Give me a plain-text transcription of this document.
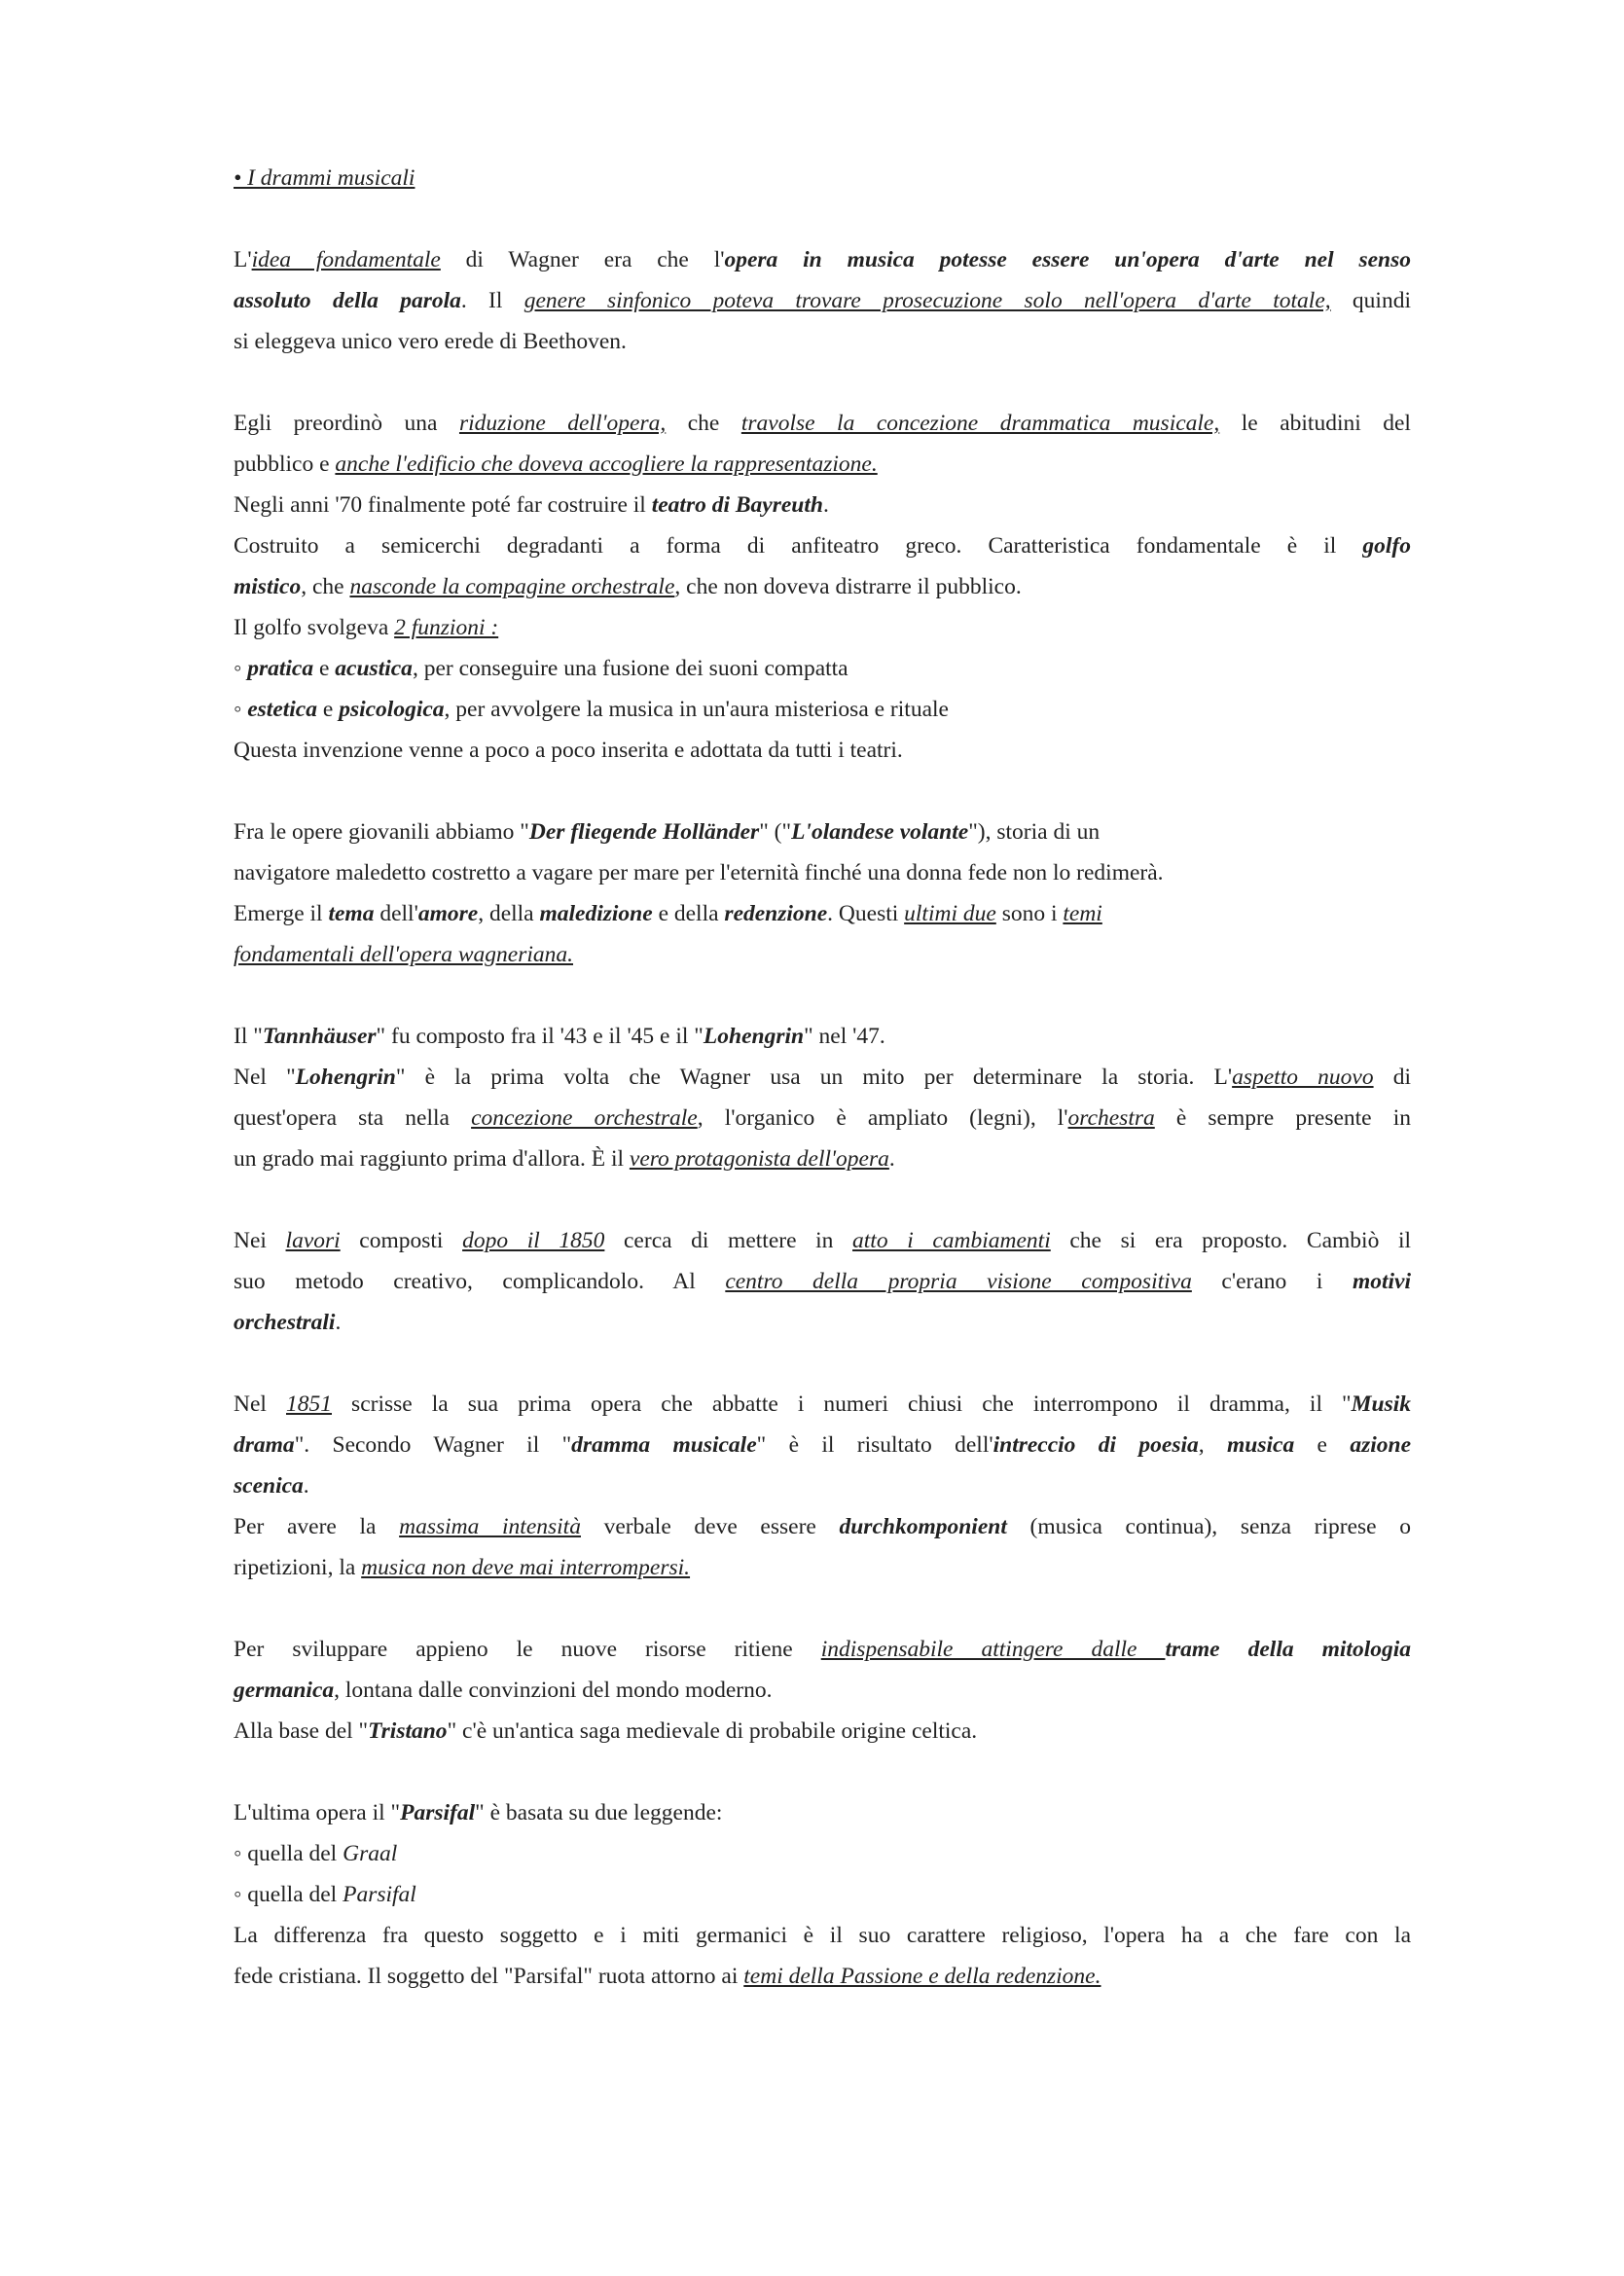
• I drammi musicali
L'idea fondamentale di Wagner era che l'opera in musica potesse essere un'opera d'arte nel senso
assoluto della parola. Il genere sinfonico poteva trovare prosecuzione solo nell'opera d'arte totale, quindi
si eleggeva unico vero erede di Beethoven.
Egli preordinò una riduzione dell'opera, che travolse la concezione drammatica musicale, le abitudini del
pubblico e anche l'edificio che doveva accogliere la rappresentazione.
Negli anni '70 finalmente poté far costruire il teatro di Bayreuth.
Costruito a semicerchi degradanti a forma di anfiteatro greco. Caratteristica fondamentale è il golfo
mistico, che nasconde la compagine orchestrale, che non doveva distrarre il pubblico.
Il golfo svolgeva 2 funzioni :
◦ pratica e acustica, per conseguire una fusione dei suoni compatta
◦ estetica e psicologica, per avvolgere la musica in un'aura misteriosa e rituale
Questa invenzione venne a poco a poco inserita e adottata da tutti i teatri.
Fra le opere giovanili abbiamo "Der fliegende Holländer" ("L'olandese volante"), storia di un
navigatore maledetto costretto a vagare per mare per l'eternità finché una donna fede non lo redimerà.
Emerge il tema dell'amore, della maledizione e della redenzione. Questi ultimi due sono i temi
fondamentali dell'opera wagneriana.
Il "Tannhäuser" fu composto fra il '43 e il '45 e il "Lohengrin" nel '47.
Nel "Lohengrin" è la prima volta che Wagner usa un mito per determinare la storia. L'aspetto nuovo di
quest'opera sta nella concezione orchestrale, l'organico è ampliato (legni), l'orchestra è sempre presente in
un grado mai raggiunto prima d'allora. È il vero protagonista dell'opera.
Nei lavori composti dopo il 1850 cerca di mettere in atto i cambiamenti che si era proposto. Cambiò il
suo metodo creativo, complicandolo. Al centro della propria visione compositiva c'erano i motivi
orchestrali.
Nel 1851 scrisse la sua prima opera che abbatte i numeri chiusi che interrompono il dramma, il "Musik
drama". Secondo Wagner il "dramma musicale" è il risultato dell'intreccio di poesia, musica e azione
scenica.
Per avere la massima intensità verbale deve essere durchkomponient (musica continua), senza riprese o
ripetizioni, la musica non deve mai interrompersi.
Per sviluppare appieno le nuove risorse ritiene indispensabile attingere dalle trame della mitologia
germanica, lontana dalle convinzioni del mondo moderno.
Alla base del "Tristano" c'è un'antica saga medievale di probabile origine celtica.
L'ultima opera il "Parsifal" è basata su due leggende:
◦ quella del Graal
◦ quella del Parsifal
La differenza fra questo soggetto e i miti germanici è il suo carattere religioso, l'opera ha a che fare con la
fede cristiana. Il soggetto del "Parsifal" ruota attorno ai temi della Passione e della redenzione.
